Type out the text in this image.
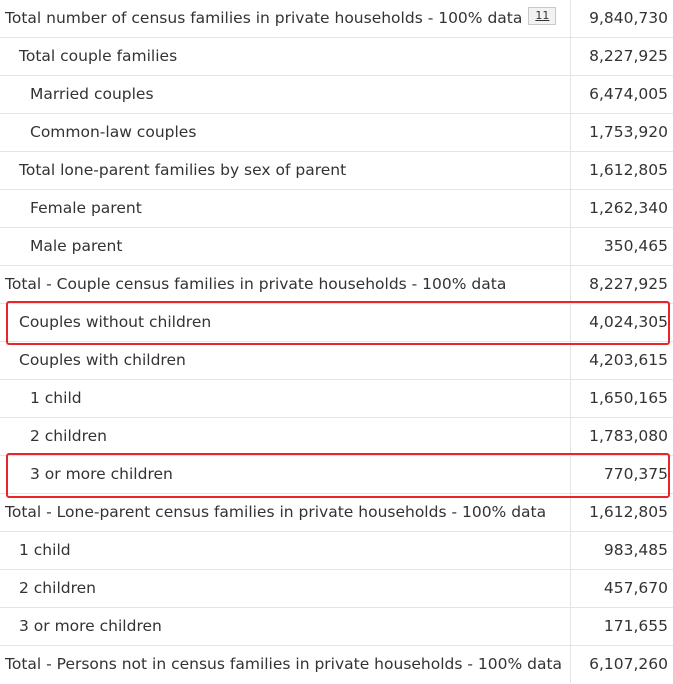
Total number of census families in private households - 100% data 11	9,840,730
Total couple families	8,227,925
Married couples	6,474,005
Common-law couples	1,753,920
Total lone-parent families by sex of parent	1,612,805
Female parent	1,262,340
Male parent	350,465
Total - Couple census families in private households - 100% data	8,227,925
Couples without children	4,024,305
Couples with children	4,203,615
1 child	1,650,165
2 children	1,783,080
3 or more children	770,375
Total - Lone-parent census families in private households - 100% data	1,612,805
1 child	983,485
2 children	457,670
3 or more children	171,655
Total - Persons not in census families in private households - 100% data	6,107,260
